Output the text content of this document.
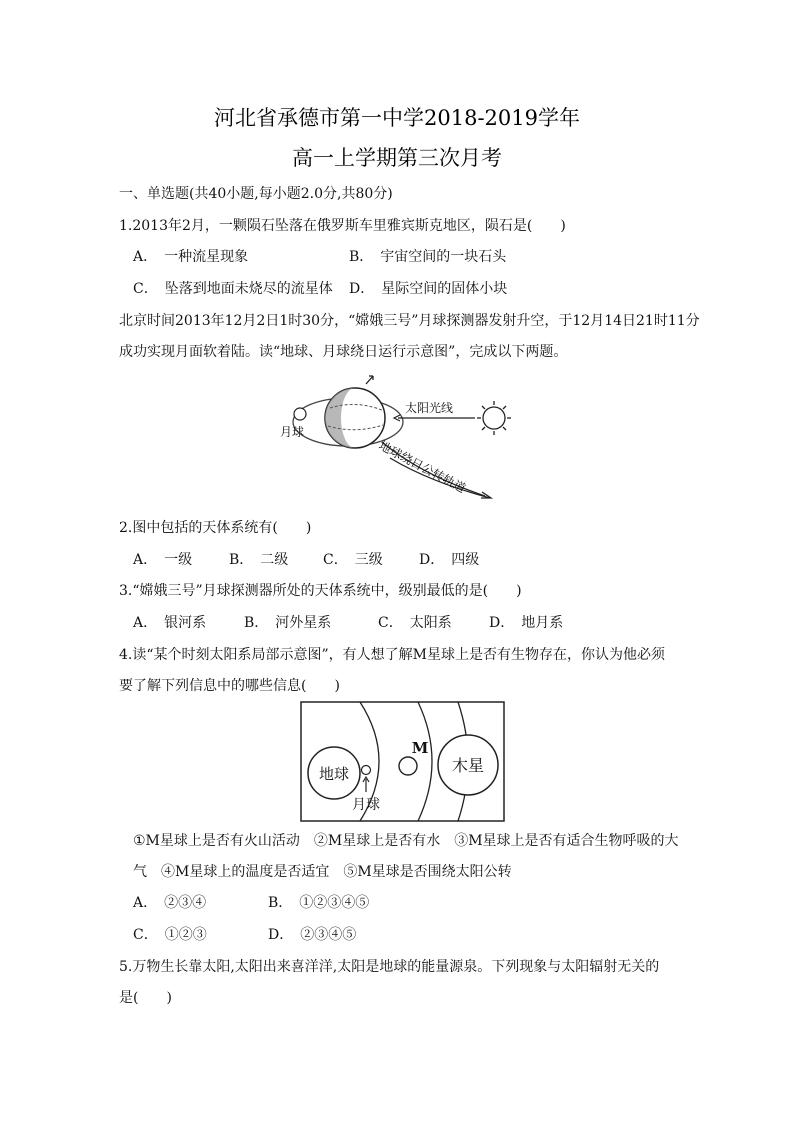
河北省承德市第一中学2018-2019学年
高一上学期第三次月考
一、单选题(共40小题,每小题2.0分,共80分)
1.2013年2月，一颗陨石坠落在俄罗斯车里雅宾斯克地区，陨石是(　　)
A．　一种流星现象	B．　宇宙空间的一块石头
C．　坠落到地面未烧尽的流星体 D．　星际空间的固体小块
北京时间2013年12月2日1时30分，“嫦娥三号”月球探测器发射升空，于12月14日21时11分
成功实现月面软着陆。读“地球、月球绕日运行示意图”，完成以下两题。
月球
太阳光线
地球绕日公转轨道
2.图中包括的天体系统有(　　)
A．　一级	B．　二级 C．　三级	D．　四级
3.“嫦娥三号”月球探测器所处的天体系统中，级别最低的是(　　)
A．　银河系	B．　河外星系	C．　太阳系	D．　地月系
4.读“某个时刻太阳系局部示意图”，有人想了解M星球上是否有生物存在，你认为他必须
要了解下列信息中的哪些信息(　　)
地球
月球
M
木星
①M星球上是否有火山活动　②M星球上是否有水　③M星球上是否有适合生物呼吸的大
气　④M星球上的温度是否适宜　⑤M星球是否围绕太阳公转
A．　②③④	B．　①②③④⑤
C．　①②③	D．　②③④⑤
5.万物生长靠太阳,太阳出来喜洋洋,太阳是地球的能量源泉。下列现象与太阳辐射无关的
是(　　)
